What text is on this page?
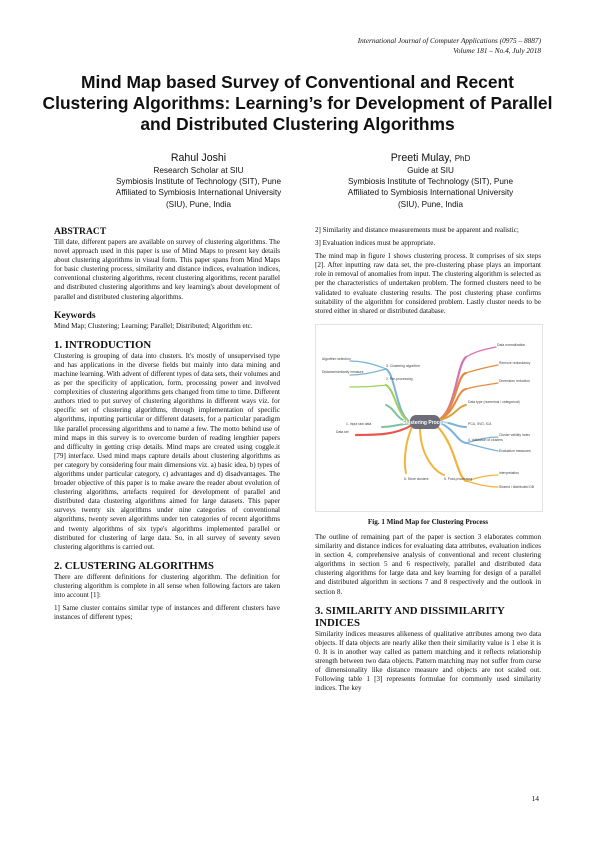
International Journal of Computer Applications (0975 – 8887)
Volume 181 – No.4, July 2018
Mind Map based Survey of Conventional and Recent Clustering Algorithms: Learning’s for Development of Parallel and Distributed Clustering Algorithms
Rahul Joshi
Research Scholar at SIU
Symbiosis Institute of Technology (SIT), Pune
Affiliated to Symbiosis International University
(SIU), Pune, India
Preeti Mulay, PhD
Guide at SIU
Symbiosis Institute of Technology (SIT), Pune
Affiliated to Symbiosis International University
(SIU), Pune, India
ABSTRACT

Till date, different papers are available on survey of clustering algorithms. The novel approach used in this paper is use of Mind Maps to present key details about clustering algorithms in visual form. This paper spans from Mind Maps for basic clustering process, similarity and distance indices, evaluation indices, conventional clustering algorithms, recent clustering algorithms, recent parallel and distributed clustering algorithms and key learning's about development of parallel and distributed clustering algorithms.

Keywords

Mind Map; Clustering; Learning; Parallel; Distributed; Algorithm etc.

1. INTRODUCTION

Clustering is grouping of data into clusters. It's mostly of unsupervised type and has applications in the diverse fields but mainly into data mining and machine learning. With advent of different types of data sets, their volumes and as per the specificity of application, form, processing power and involved complexities of clustering algorithms gets changed from time to time. Different authors tried to put survey of clustering algorithms in different ways viz. for specific set of clustering algorithms, through implementation of specific algorithms, inputting particular or different datasets, for a particular paradigm like parallel processing algorithms and to name a few. The motto behind use of mind maps in this survey is to overcome burden of reading lengthier papers and difficulty in getting crisp details. Mind maps are created using coggle.it [79] interface. Used mind maps capture details about clustering algorithms as per category by considering four main dimensions viz. a) basic idea, b) types of algorithms under particular category, c) advantages and d) disadvantages. The broader objective of this paper is to make aware the reader about evolution of clustering algorithms, artefacts required for development of parallel and distributed data clustering algorithms aimed for large datasets. This paper surveys twenty six algorithms under nine categories of conventional algorithms, twenty seven algorithms under ten categories of recent algorithms and twenty algorithms of six type's algorithms implemented parallel or distributed for clustering of large data. So, in all survey of seventy seven clustering algorithms is carried out.

2. CLUSTERING ALGORITHMS

There are different definitions for clustering algorithm. The definition for clustering algorithm is complete in all sense when following factors are taken into account [1]:

1] Same cluster contains similar type of instances and different clusters have instances of different types;

2] Similarity and distance measurements must be apparent and realistic;

3] Evaluation indices must be appropriate.

The mind map in figure 1 shows clustering process. It comprises of six steps [2]. After inputting raw data set, the pre-clustering phase plays an important role in removal of anomalies from input. The clustering algorithm is selected as per the characteristics of undertaken problem. The formed clusters need to be validated to evaluate clustering results. The post clustering phase confirms suitability of the algorithm for considered problem. Lastly cluster needs to be stored either in shared or distributed database.

Clustering Process
Data normalization
Remove redundancy
Dimension reduction
Data type (numerical / categorical)
PCA, SVD, ICA
2. Pre-processing
3. Clustering algorithm
Algorithm selection
Distance/similarity measure
1. Input raw data
Data set
4. Validation of clusters
Cluster validity index
Evaluation measures
5. Post-processing
Interpretation
6. Store clusters
Shared / distributed DB
Fig. 1 Mind Map for Clustering Process

The outline of remaining part of the paper is section 3 elaborates common similarity and distance indices for evaluating data attributes, evaluation indices in section 4, comprehensive analysis of conventional and recent clustering algorithms in section 5 and 6 respectively, parallel and distributed data clustering algorithms for large data and key learning for design of a parallel and distributed algorithm in sections 7 and 8 respectively and the outlook in section 8.

3. SIMILARITY AND DISSIMILARITY INDICES

Similarity indices measures alikeness of qualitative attributes among two data objects. If data objects are nearly alike then their similarity value is 1 else it is 0. It is in another way called as pattern matching and it reflects relationship strength between two data objects. Pattern matching may not suffer from curse of dimensionality like distance measure and objects are not scaled out. Following table 1 [3] represents formulae for commonly used similarity indices. The key

14
